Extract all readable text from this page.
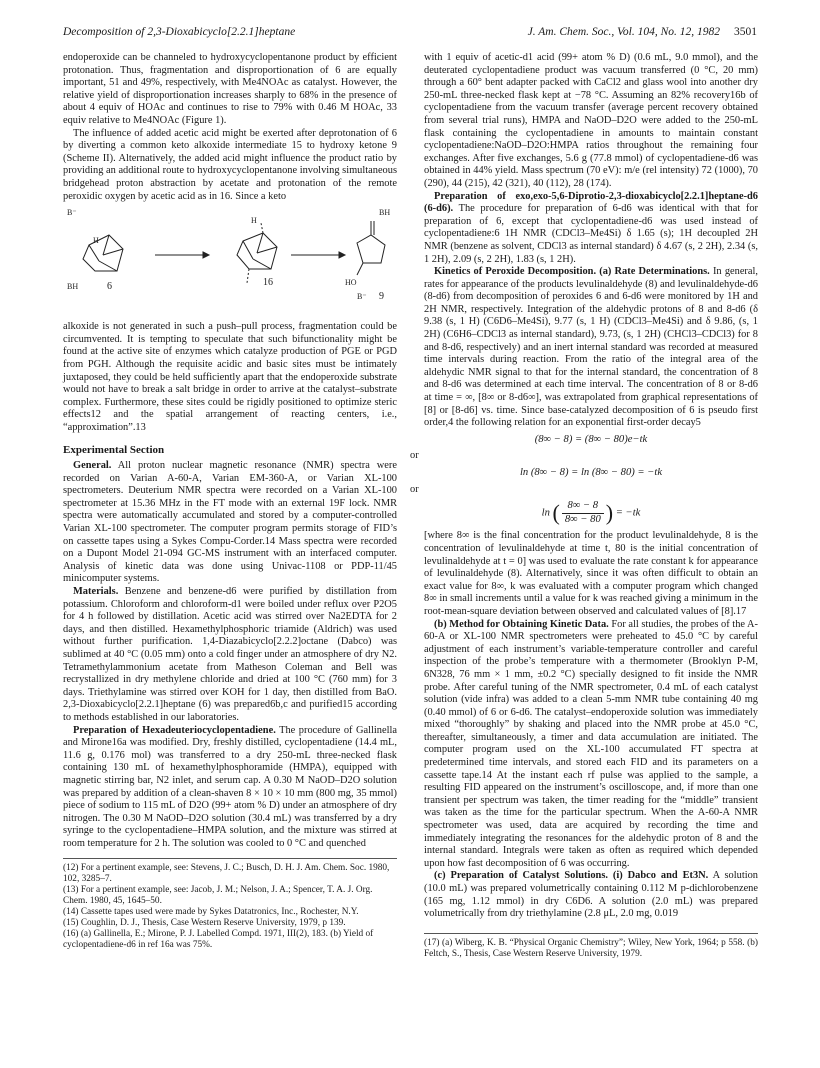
Decomposition of 2,3-Dioxabicyclo[2.2.1]heptane	J. Am. Chem. Soc., Vol. 104, No. 12, 1982 3501

endoperoxide can be channeled to hydroxycyclopentanone product by efficient protonation. Thus, fragmentation and disproportionation of 6 are equally important, 51 and 49%, respectively, with Me4NOAc as catalyst. However, the relative yield of disproportionation increases sharply to 68% in the presence of about 4 equiv of HOAc and continues to rise to 79% with 0.46 M HOAc, 33 equiv relative to Me4NOAc (Figure 1).

The influence of added acetic acid might be exerted after deprotonation of 6 by diverting a common keto alkoxide intermediate 15 to hydroxy ketone 9 (Scheme II). Alternatively, the added acid might influence the product ratio by providing an additional route to hydroxycyclopentanone involving simultaneous bridgehead proton abstraction by acetate and protonation of the remote peroxidic oxygen by acetic acid as in 16. Since a keto

B⁻
H
BH	6
H
16
BH
HO
B⁻ 9

alkoxide is not generated in such a push–pull process, fragmentation could be circumvented. It is tempting to speculate that such bifunctionality might be found at the active site of enzymes which catalyze production of PGE or PGD from PGH. Although the requisite acidic and basic sites must be intimately juxtaposed, they could be held sufficiently apart that the endoperoxide substrate would not have to break a salt bridge in order to arrive at the catalyst–substrate complex. Furthermore, these sites could be rigidly positioned to optimize steric effects12 and the spatial arrangement of reacting centers, i.e., “approximation”.13

Experimental Section

General. All proton nuclear magnetic resonance (NMR) spectra were recorded on Varian A-60-A, Varian EM-360-A, or Varian XL-100 spectrometers. Deuterium NMR spectra were recorded on a Varian XL-100 spectrometer at 15.36 MHz in the FT mode with an external 19F lock. NMR spectra were automatically accumulated and stored by a computer-controlled Varian XL-100 spectrometer. The computer program permits storage of FID’s on cassette tapes using a Sykes Compu-Corder.14 Mass spectra were recorded on a Dupont Model 21-094 GC-MS instrument with an interfaced computer. Analysis of kinetic data was done using Univac-1108 or PDP-11/45 minicomputer systems.

Materials. Benzene and benzene-d6 were purified by distillation from potassium. Chloroform and chloroform-d1 were boiled under reflux over P2O5 for 4 h followed by distillation. Acetic acid was stirred over Na2EDTA for 2 days, and then distilled. Hexamethylphosphoric triamide (Aldrich) was used without further purification. 1,4-Diazabicyclo[2.2.2]octane (Dabco) was sublimed at 40 °C (0.05 mm) onto a cold finger under an atmosphere of dry N2. Tetramethylammonium acetate from Matheson Coleman and Bell was recrystallized in dry methylene chloride and dried at 100 °C (760 mm) for 3 days. Triethylamine was stirred over KOH for 1 day, then distilled from BaO. 2,3-Dioxabicyclo[2.2.1]heptane (6) was prepared6b,c and purified15 according to methods established in our laboratories.

Preparation of Hexadeuteriocyclopentadiene. The procedure of Gallinella and Mirone16a was modified. Dry, freshly distilled, cyclopentadiene (14.4 mL, 11.6 g, 0.176 mol) was transferred to a dry 250-mL three-necked flask containing 130 mL of hexamethylphosphoramide (HMPA), equipped with magnetic stirring bar, N2 inlet, and serum cap. A 0.30 M NaOD–D2O solution was prepared by addition of a clean-shaven 8 × 10 × 10 mm (800 mg, 35 mmol) piece of sodium to 115 mL of D2O (99+ atom % D) under an atmosphere of dry nitrogen. The 0.30 M NaOD–D2O solution (30.4 mL) was transferred by a dry syringe to the cyclopentadiene–HMPA solution, and the mixture was stirred at room temperature for 2 h. The solution was cooled to 0 °C and quenched

(12) For a pertinent example, see: Stevens, J. C.; Busch, D. H. J. Am. Chem. Soc. 1980, 102, 3285–7.
(13) For a pertinent example, see: Jacob, J. M.; Nelson, J. A.; Spencer, T. A. J. Org. Chem. 1980, 45, 1645–50.
(14) Cassette tapes used were made by Sykes Datatronics, Inc., Rochester, N.Y.
(15) Coughlin, D. J., Thesis, Case Western Reserve University, 1979, p 139.
(16) (a) Gallinella, E.; Mirone, P. J. Labelled Compd. 1971, III(2), 183. (b) Yield of cyclopentadiene-d6 in ref 16a was 75%.

with 1 equiv of acetic-d1 acid (99+ atom % D) (0.6 mL, 9.0 mmol), and the deuterated cyclopentadiene product was vacuum transferred (0 °C, 20 mm) through a 60° bent adapter packed with CaCl2 and glass wool into another dry 250-mL three-necked flask kept at −78 °C. Assuming an 82% recovery16b of cyclopentadiene from the vacuum transfer (average percent recovery obtained from several trial runs), HMPA and NaOD–D2O were added to the 250-mL flask containing the cyclopentadiene in amounts to maintain constant cyclopentadiene:NaOD–D2O:HMPA ratios throughout the remaining four exchanges. After five exchanges, 5.6 g (77.8 mmol) of cyclopentadiene-d6 was obtained in 44% yield. Mass spectrum (70 eV): m/e (rel intensity) 72 (1000), 70 (290), 44 (215), 42 (321), 40 (112), 28 (174).

Preparation of exo,exo-5,6-Diprotio-2,3-dioxabicyclo[2.2.1]heptane-d6 (6-d6). The procedure for preparation of 6-d6 was identical with that for preparation of 6, except that cyclopentadiene-d6 was used instead of cyclopentadiene:6 1H NMR (CDCl3–Me4Si) δ 1.65 (s); 1H decoupled 2H NMR (benzene as solvent, CDCl3 as internal standard) δ 4.67 (s, 2 2H), 2.34 (s, 1 2H), 2.09 (s, 2 2H), 1.83 (s, 1 2H).

Kinetics of Peroxide Decomposition. (a) Rate Determinations. In general, rates for appearance of the products levulinaldehyde (8) and levulinaldehyde-d6 (8-d6) from decomposition of peroxides 6 and 6-d6 were monitored by 1H and 2H NMR, respectively. Integration of the aldehydic protons of 8 and 8-d6 (δ 9.38 (s, 1 H) (C6D6–Me4Si), 9.77 (s, 1 H) (CDCl3–Me4Si) and δ 9.86, (s, 1 2H) (C6H6–CDCl3 as internal standard), 9.73, (s, 1 2H) (CHCl3–CDCl3) for 8 and 8-d6, respectively) and an inert internal standard was recorded at measured time intervals during reaction. From the ratio of the integral area of the aldehydic NMR signal to that for the internal standard, the concentration of 8 and 8-d6 was determined at each time interval. The concentration of 8 or 8-d6 at time = ∞, [8∞ or 8-d6∞], was extrapolated from graphical representations of [8] or [8-d6] vs. time. Since base-catalyzed decomposition of 6 is pseudo first order,4 the following relation for an exponential first-order decay5

(8∞ − 8) = (8∞ − 80)e−tk
or
ln (8∞ − 8) = ln (8∞ − 80) = −tk
or
ln ( $\frac{8\infty - 8}{8\infty - 80}$ ) = −tk

[where 8∞ is the final concentration for the product levulinaldehyde, 8 is the concentration of levulinaldehyde at time t, 80 is the initial concentration of levulinaldehyde at t = 0] was used to evaluate the rate constant k for appearance of levulinaldehyde (8). Alternatively, since it was often difficult to obtain an exact value for 8∞, k was evaluated with a computer program which changed 8∞ in small increments until a value for k was reached giving a minimum in the root-mean-square deviation between observed and calculated values of [8].17

(b) Method for Obtaining Kinetic Data. For all studies, the probes of the A-60-A or XL-100 NMR spectrometers were preheated to 45.0 °C by careful adjustment of each instrument’s variable-temperature controller and careful inspection of the probe’s temperature with a thermometer (Brooklyn P-M, 6N328, 76 mm × 1 mm, ±0.2 °C) specially designed to fit inside the NMR probe. After careful tuning of the NMR spectrometer, 0.4 mL of each catalyst solution (vide infra) was added to a clean 5-mm NMR tube containing 40 mg (0.40 mmol) of 6 or 6-d6. The catalyst–endoperoxide solution was immediately mixed “thoroughly” by shaking and placed into the NMR probe at 45.0 °C, thereafter, simultaneously, a timer and data accumulation are initiated. The computer program used on the XL-100 accumulated FT spectra at predetermined time intervals, and stored each FID and its parameters on a cassette tape.14 At the instant each rf pulse was applied to the sample, a resulting FID appeared on the instrument’s oscilloscope, and, if more than one transient per spectrum was taken, the timer reading for the “middle” transient was taken as the time for the particular spectrum. When the A-60-A NMR spectrometer was used, data are acquired by recording the time and immediately integrating the resonances for the aldehydic proton of 8 and the internal standard. Integrals were taken as often as required which depended upon how fast decomposition of 6 was occurring.

(c) Preparation of Catalyst Solutions. (i) Dabco and Et3N. A solution (10.0 mL) was prepared volumetrically containing 0.112 M p-dichlorobenzene (165 mg, 1.12 mmol) in dry C6D6. A solution (2.0 mL) was prepared volumetrically from dry triethylamine (2.8 μL, 2.0 mg, 0.019

(17) (a) Wiberg, K. B. “Physical Organic Chemistry”; Wiley, New York, 1964; p 558. (b) Feltch, S., Thesis, Case Western Reserve University, 1979.
